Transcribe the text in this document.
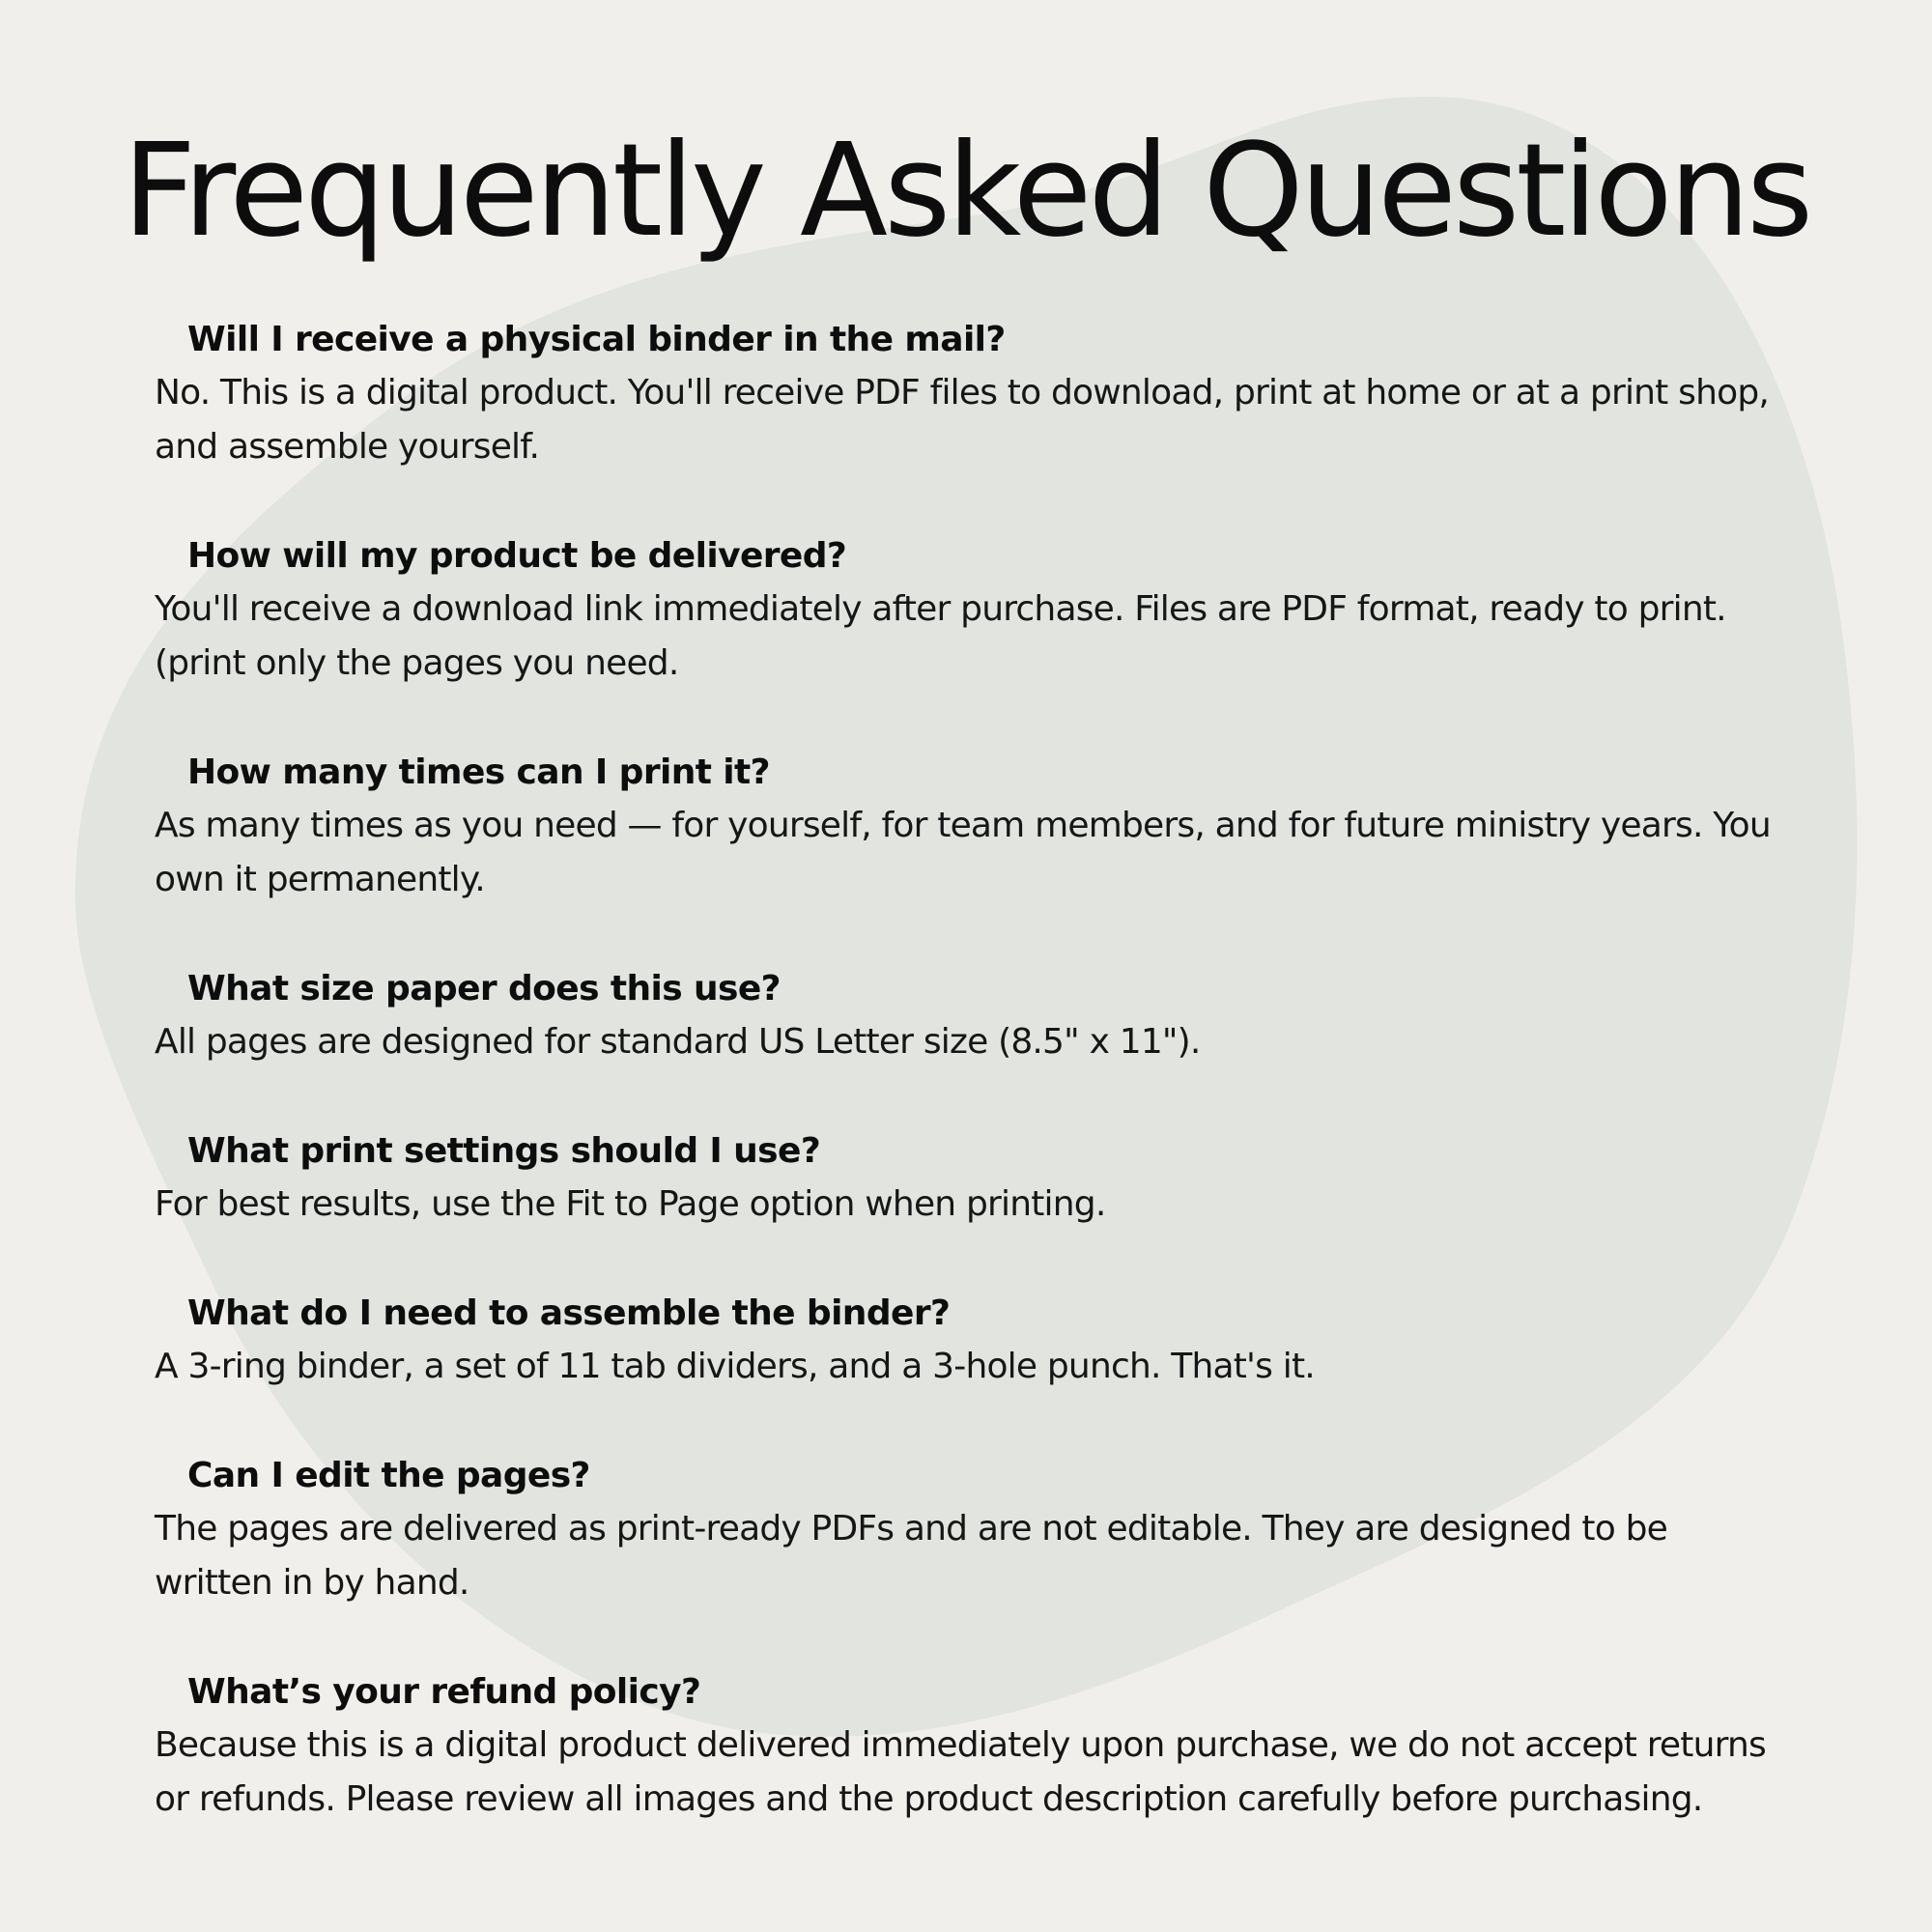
Frequently Asked Questions
Will I receive a physical binder in the mail?
No. This is a digital product. You'll receive PDF files to download, print at home or at a print shop, and assemble yourself.
How will my product be delivered?
You'll receive a download link immediately after purchase. Files are PDF format, ready to print. (print only the pages you need.
How many times can I print it?
As many times as you need — for yourself, for team members, and for future ministry years. You own it permanently.
What size paper does this use?
All pages are designed for standard US Letter size (8.5" x 11").
What print settings should I use?
For best results, use the Fit to Page option when printing.
What do I need to assemble the binder?
A 3-ring binder, a set of 11 tab dividers, and a 3-hole punch. That's it.
Can I edit the pages?
The pages are delivered as print-ready PDFs and are not editable. They are designed to be written in by hand.
What’s your refund policy?
Because this is a digital product delivered immediately upon purchase, we do not accept returns or refunds. Please review all images and the product description carefully before purchasing.
